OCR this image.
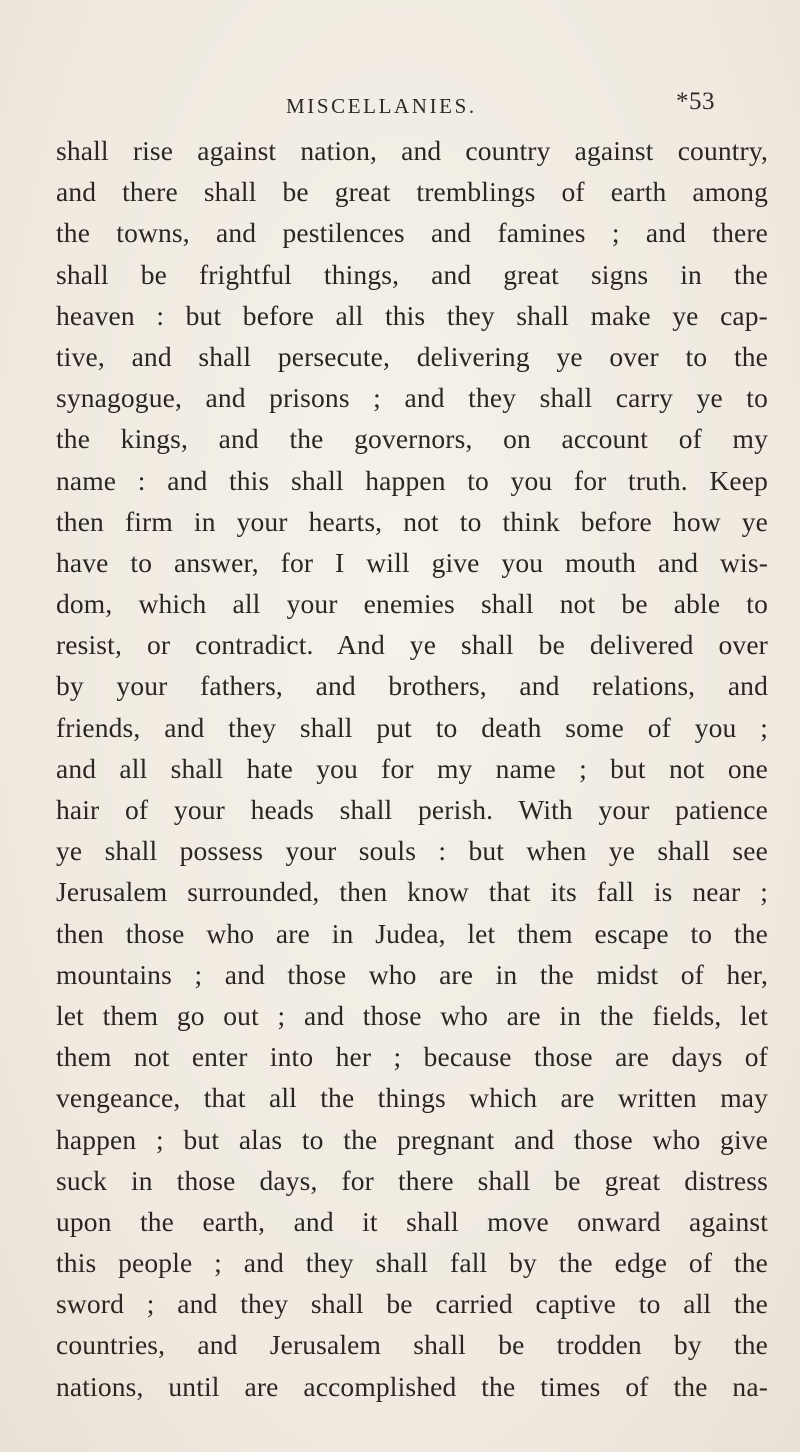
MISCELLANIES.	*53
shall rise against nation, and country against country,
and there shall be great tremblings of earth among
the towns, and pestilences and famines ; and there
shall be frightful things, and great signs in the
heaven : but before all this they shall make ye cap-
tive, and shall persecute, delivering ye over to the
synagogue, and prisons ; and they shall carry ye to
the kings, and the governors, on account of my
name : and this shall happen to you for truth. Keep
then firm in your hearts, not to think before how ye
have to answer, for I will give you mouth and wis-
dom, which all your enemies shall not be able to
resist, or contradict. And ye shall be delivered over
by your fathers, and brothers, and relations, and
friends, and they shall put to death some of you ;
and all shall hate you for my name ; but not one
hair of your heads shall perish. With your patience
ye shall possess your souls : but when ye shall see
Jerusalem surrounded, then know that its fall is near ;
then those who are in Judea, let them escape to the
mountains ; and those who are in the midst of her,
let them go out ; and those who are in the fields, let
them not enter into her ; because those are days of
vengeance, that all the things which are written may
happen ; but alas to the pregnant and those who give
suck in those days, for there shall be great distress
upon the earth, and it shall move onward against
this people ; and they shall fall by the edge of the
sword ; and they shall be carried captive to all the
countries, and Jerusalem shall be trodden by the
nations, until are accomplished the times of the na-
